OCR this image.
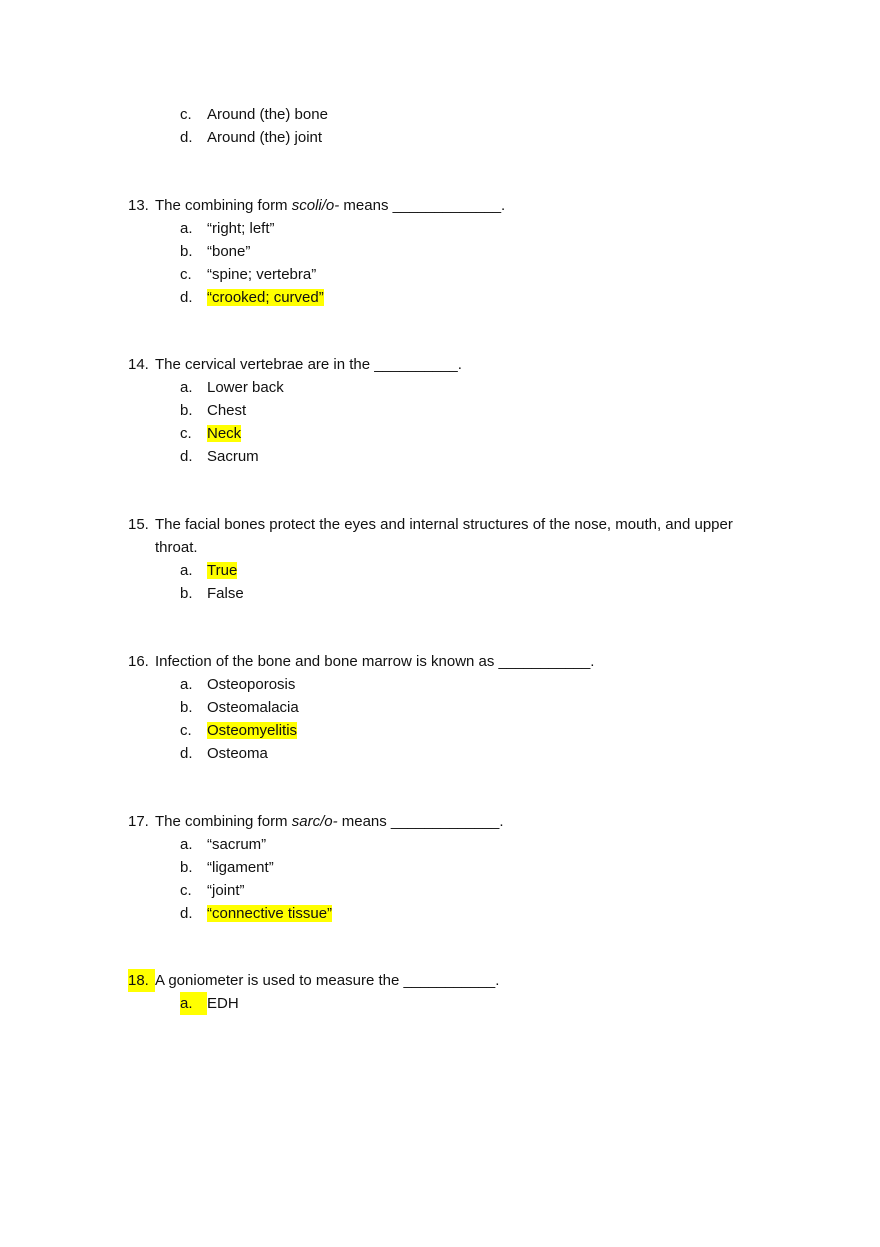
c. Around (the) bone
d. Around (the) joint
13. The combining form scoli/o- means _____________.
a. “right; left”
b. “bone”
c. “spine; vertebra”
d. “crooked; curved”
14. The cervical vertebrae are in the __________.
a. Lower back
b. Chest
c. Neck
d. Sacrum
15. The facial bones protect the eyes and internal structures of the nose, mouth, and upper
throat.
a. True
b. False
16. Infection of the bone and bone marrow is known as ___________.
a. Osteoporosis
b. Osteomalacia
c. Osteomyelitis
d. Osteoma
17. The combining form sarc/o- means _____________.
a. “sacrum”
b. “ligament”
c. “joint”
d. “connective tissue”
18. A goniometer is used to measure the ___________.
a. EDH
